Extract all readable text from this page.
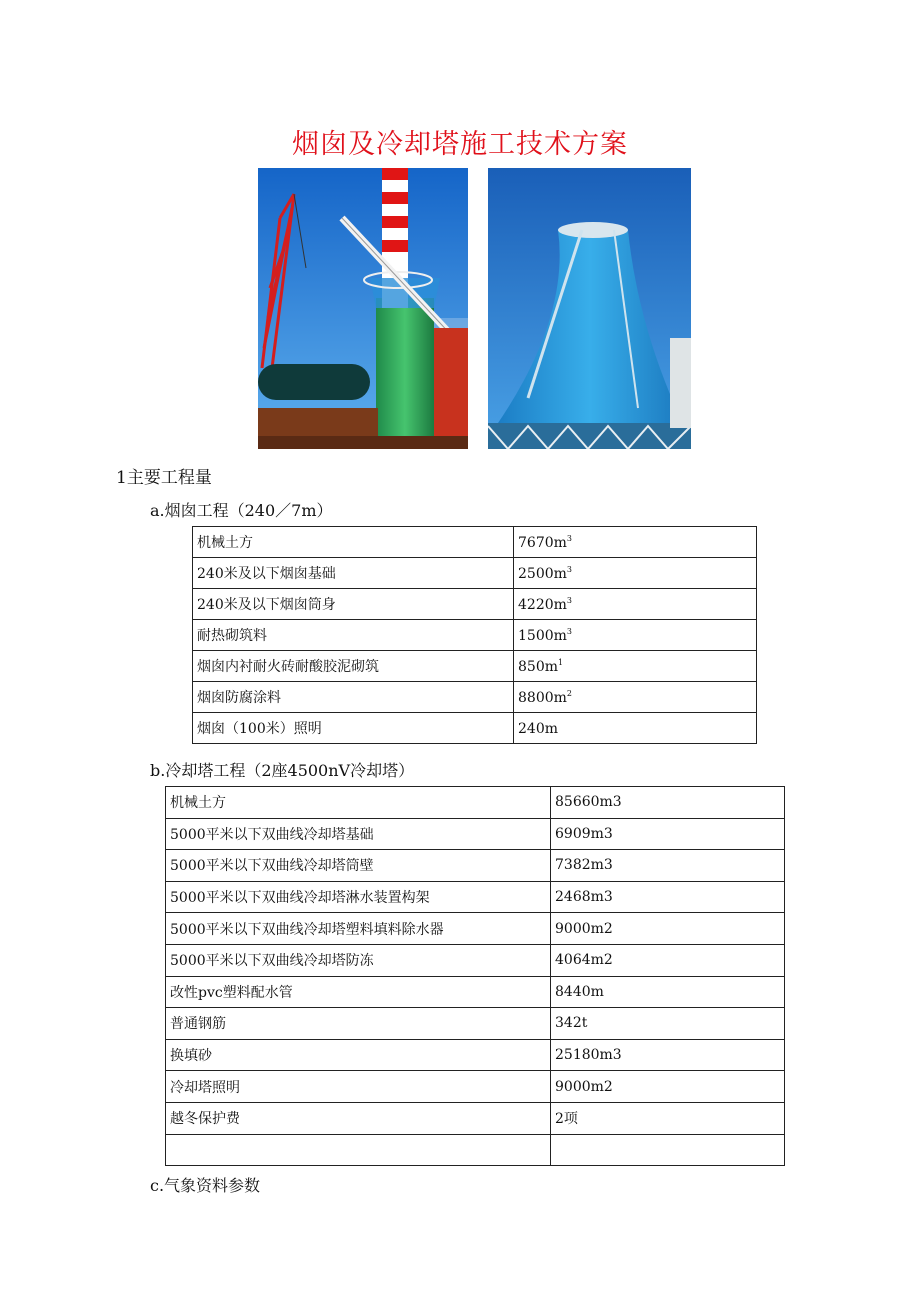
烟囱及冷却塔施工技术方案
1主要工程量
a.烟囱工程（240／7m）
机械土方	$7670m^3$
240米及以下烟囱基础	$2500m^3$
240米及以下烟囱筒身	$4220m^3$
耐热砌筑料	$1500m^3$
烟囱内衬耐火砖耐酸胶泥砌筑	$850m^1$
烟囱防腐涂料	$8800m^2$
烟囱（100米）照明	240m
b.冷却塔工程（2座4500nV冷却塔）
机械土方	85660m3
5000平米以下双曲线冷却塔基础	6909m3
5000平米以下双曲线冷却塔筒壁	7382m3
5000平米以下双曲线冷却塔淋水装置构架	2468m3
5000平米以下双曲线冷却塔塑料填料除水器	9000m2
5000平米以下双曲线冷却塔防冻	4064m2
改性pvc塑料配水管	8440m
普通钢筋	342t
换填砂	25180m3
冷却塔照明	9000m2
越冬保护费	2项

c.气象资料参数
